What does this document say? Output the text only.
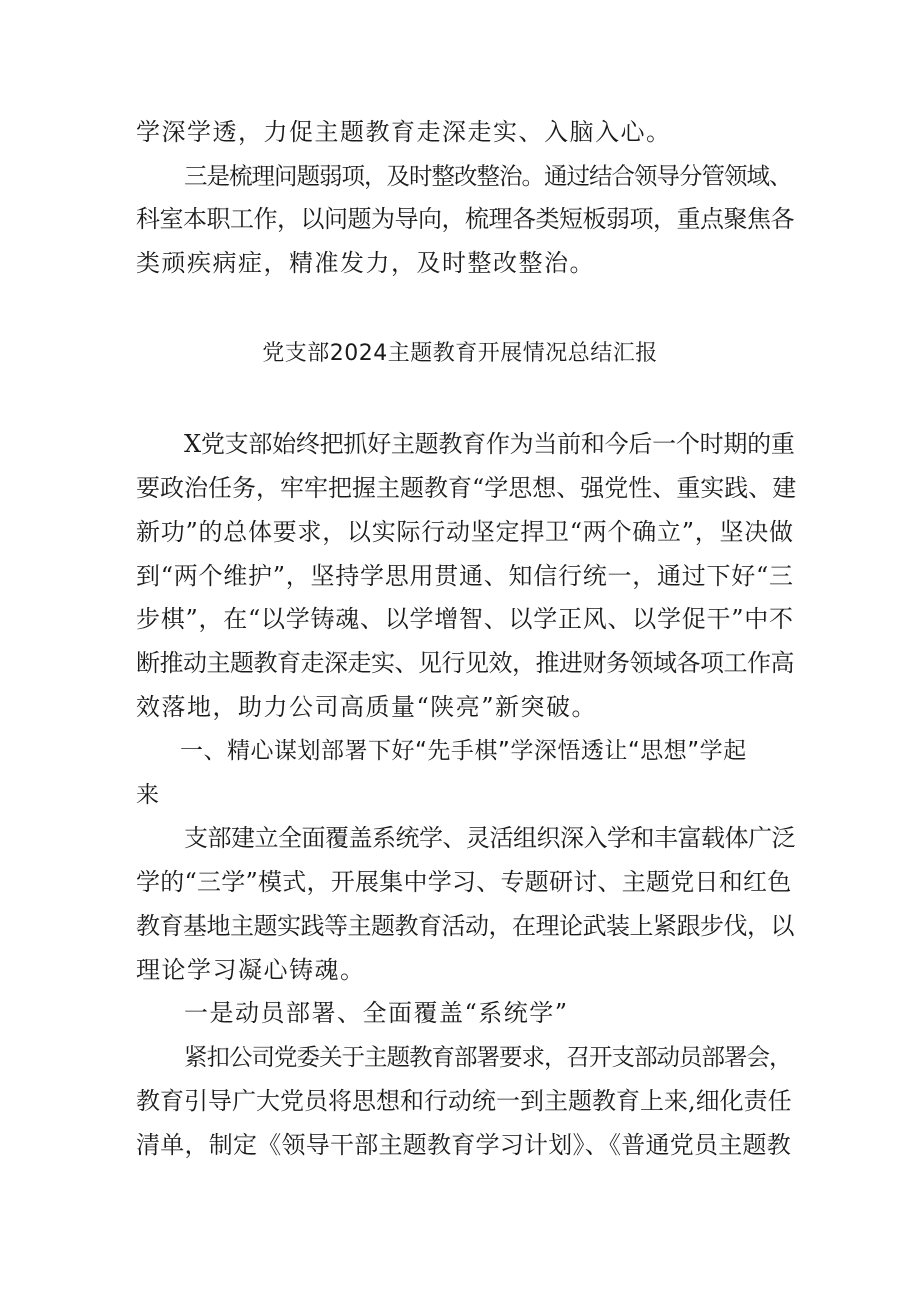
学深学透，力促主题教育走深走实、入脑入心。
三是梳理问题弱项，及时整改整治。通过结合领导分管领域、
科室本职工作，以问题为导向，梳理各类短板弱项，重点聚焦各
类顽疾病症，精准发力，及时整改整治。
党支部2024主题教育开展情况总结汇报
X党支部始终把抓好主题教育作为当前和今后一个时期的重
要政治任务，牢牢把握主题教育“学思想、强党性、重实践、建
新功”的总体要求，以实际行动坚定捍卫“两个确立”，坚决做
到“两个维护”，坚持学思用贯通、知信行统一，通过下好“三
步棋”，在“以学铸魂、以学增智、以学正风、以学促干”中不
断推动主题教育走深走实、见行见效，推进财务领域各项工作高
效落地，助力公司高质量“陕亮”新突破。
一、精心谋划部署下好“先手棋”学深悟透让“思想”学起
来
支部建立全面覆盖系统学、灵活组织深入学和丰富载体广泛
学的“三学”模式，开展集中学习、专题研讨、主题党日和红色
教育基地主题实践等主题教育活动，在理论武装上紧跟步伐，以
理论学习凝心铸魂。
一是动员部署、全面覆盖“系统学”
紧扣公司党委关于主题教育部署要求，召开支部动员部署会，
教育引导广大党员将思想和行动统一到主题教育上来,细化责任
清单，制定《领导干部主题教育学习计划》、《普通党员主题教
